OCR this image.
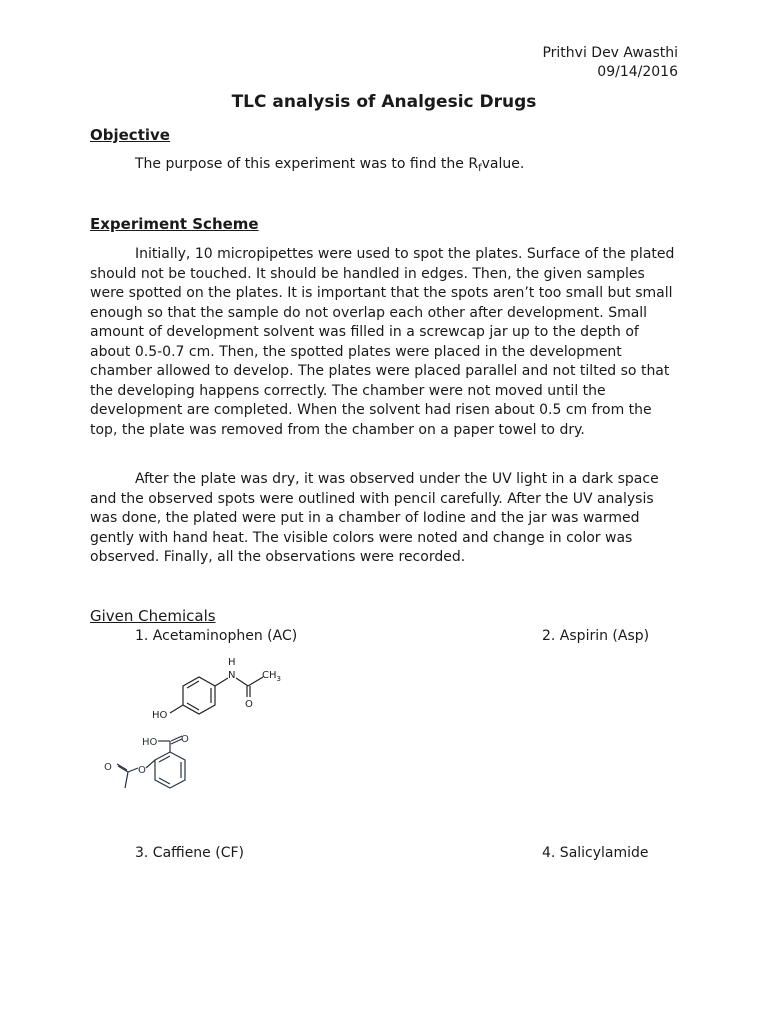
Prithvi Dev Awasthi
09/14/2016
TLC analysis of Analgesic Drugs
Objective
The purpose of this experiment was to find the $R_fvalue$.
Experiment Scheme
Initially, 10 micropipettes were used to spot the plates. Surface of the plated should not be touched. It should be handled in edges. Then, the given samples were spotted on the plates. It is important that the spots aren’t too small but small enough so that the sample do not overlap each other after development. Small amount of development solvent was filled in a screwcap jar up to the depth of about 0.5-0.7 cm. Then, the spotted plates were placed in the development chamber allowed to develop. The plates were placed parallel and not tilted so that the developing happens correctly. The chamber were not moved until the development are completed. When the solvent had risen about 0.5 cm from the top, the plate was removed from the chamber on a paper towel to dry.
After the plate was dry, it was observed under the UV light in a dark space and the observed spots were outlined with pencil carefully. After the UV analysis was done, the plated were put in a chamber of Iodine and the jar was warmed gently with hand heat. The visible colors were noted and change in color was observed. Finally, all the observations were recorded.
Given Chemicals
1. Acetaminophen (AC)	2. Aspirin (Asp)
H
N	$CH_3$
O
HO
HO O
O
O
3. Caffiene (CF)	4. Salicylamide
